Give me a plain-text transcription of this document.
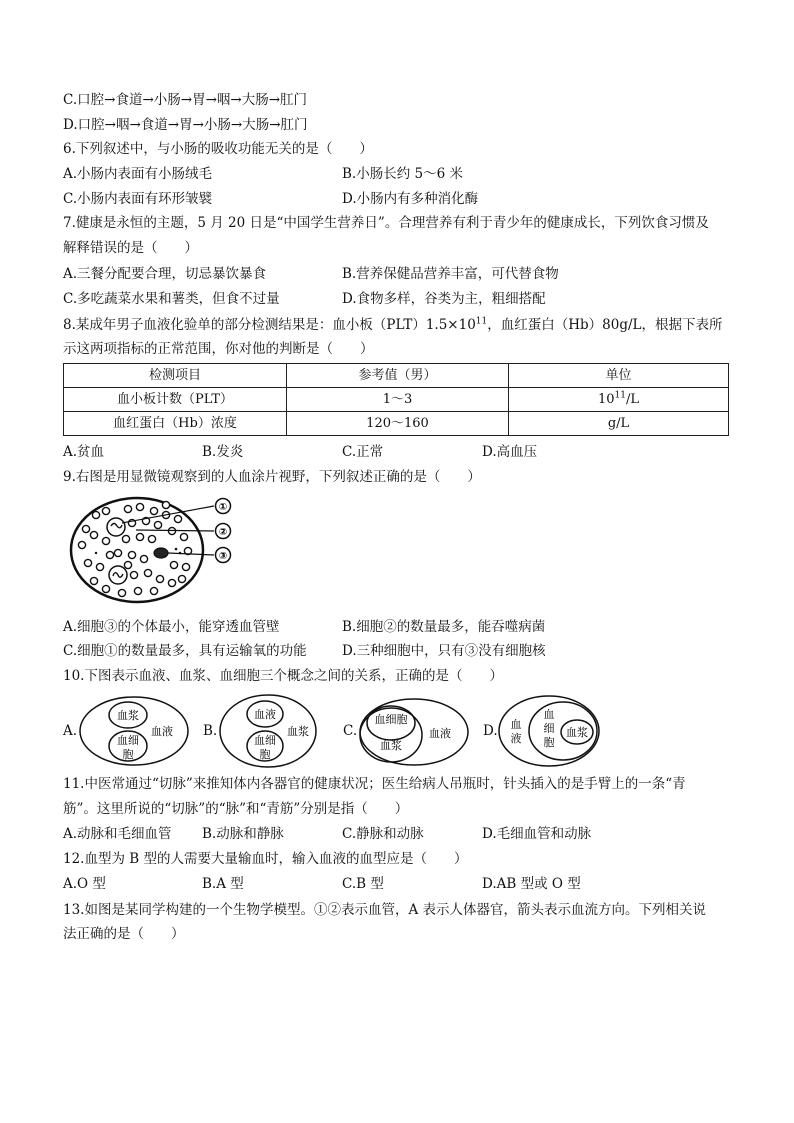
C.口腔→食道→小肠→胃→咽→大肠→肛门
D.口腔→咽→食道→胃→小肠→大肠→肛门
6.下列叙述中，与小肠的吸收功能无关的是（　　）
A.小肠内表面有小肠绒毛	B.小肠长约 5～6 米
C.小肠内表面有环形皱襞	D.小肠内有多种消化酶
7.健康是永恒的主题，5 月 20 日是“中国学生营养日”。合理营养有利于青少年的健康成长，下列饮食习惯及
解释错误的是（　　）
A.三餐分配要合理，切忌暴饮暴食	B.营养保健品营养丰富，可代替食物
C.多吃蔬菜水果和薯类，但食不过量	D.食物多样，谷类为主，粗细搭配
8.某成年男子血液化验单的部分检测结果是：血小板$(PLT)1.5\times 10^{11}$，血红蛋白（Hb）80g/L，根据下表所
示这两项指标的正常范围，你对他的判断是（　　）
检测项目	参考值（男）	单位
血小板计数（PLT）	1～3	$10^{11}/L$
血红蛋白（Hb）浓度	120～160	g/L
A.贫血	B.发炎	C.正常	D.高血压
9.右图是用显微镜观察到的人血涂片视野，下列叙述正确的是（　　）
①
②
③
A.细胞③的个体最小，能穿透血管壁	B.细胞②的数量最多，能吞噬病菌
C.细胞①的数量最多，具有运输氧的功能	D.三种细胞中，只有③没有细胞核
10.下图表示血液、血浆、血细胞三个概念之间的关系，正确的是（　　）
A.
血浆
血细
胞
血液 B.
血液
血细
胞
血浆	C.
血细胞
血浆
血液 D. 血
液
血
细
胞
血浆
11.中医常通过“切脉”来推知体内各器官的健康状况；医生给病人吊瓶时，针头插入的是手臂上的一条“青
筋”。这里所说的“切脉”的“脉”和“青筋”分别是指（　　）
A.动脉和毛细血管 B.动脉和静脉	C.静脉和动脉	D.毛细血管和动脉
12.血型为 B 型的人需要大量输血时，输入血液的血型应是（　　）
A.O 型	B.A 型	C.B 型	D.AB 型或 O 型
13.如图是某同学构建的一个生物学模型。①②表示血管，A 表示人体器官，箭头表示血流方向。下列相关说
法正确的是（　　）
